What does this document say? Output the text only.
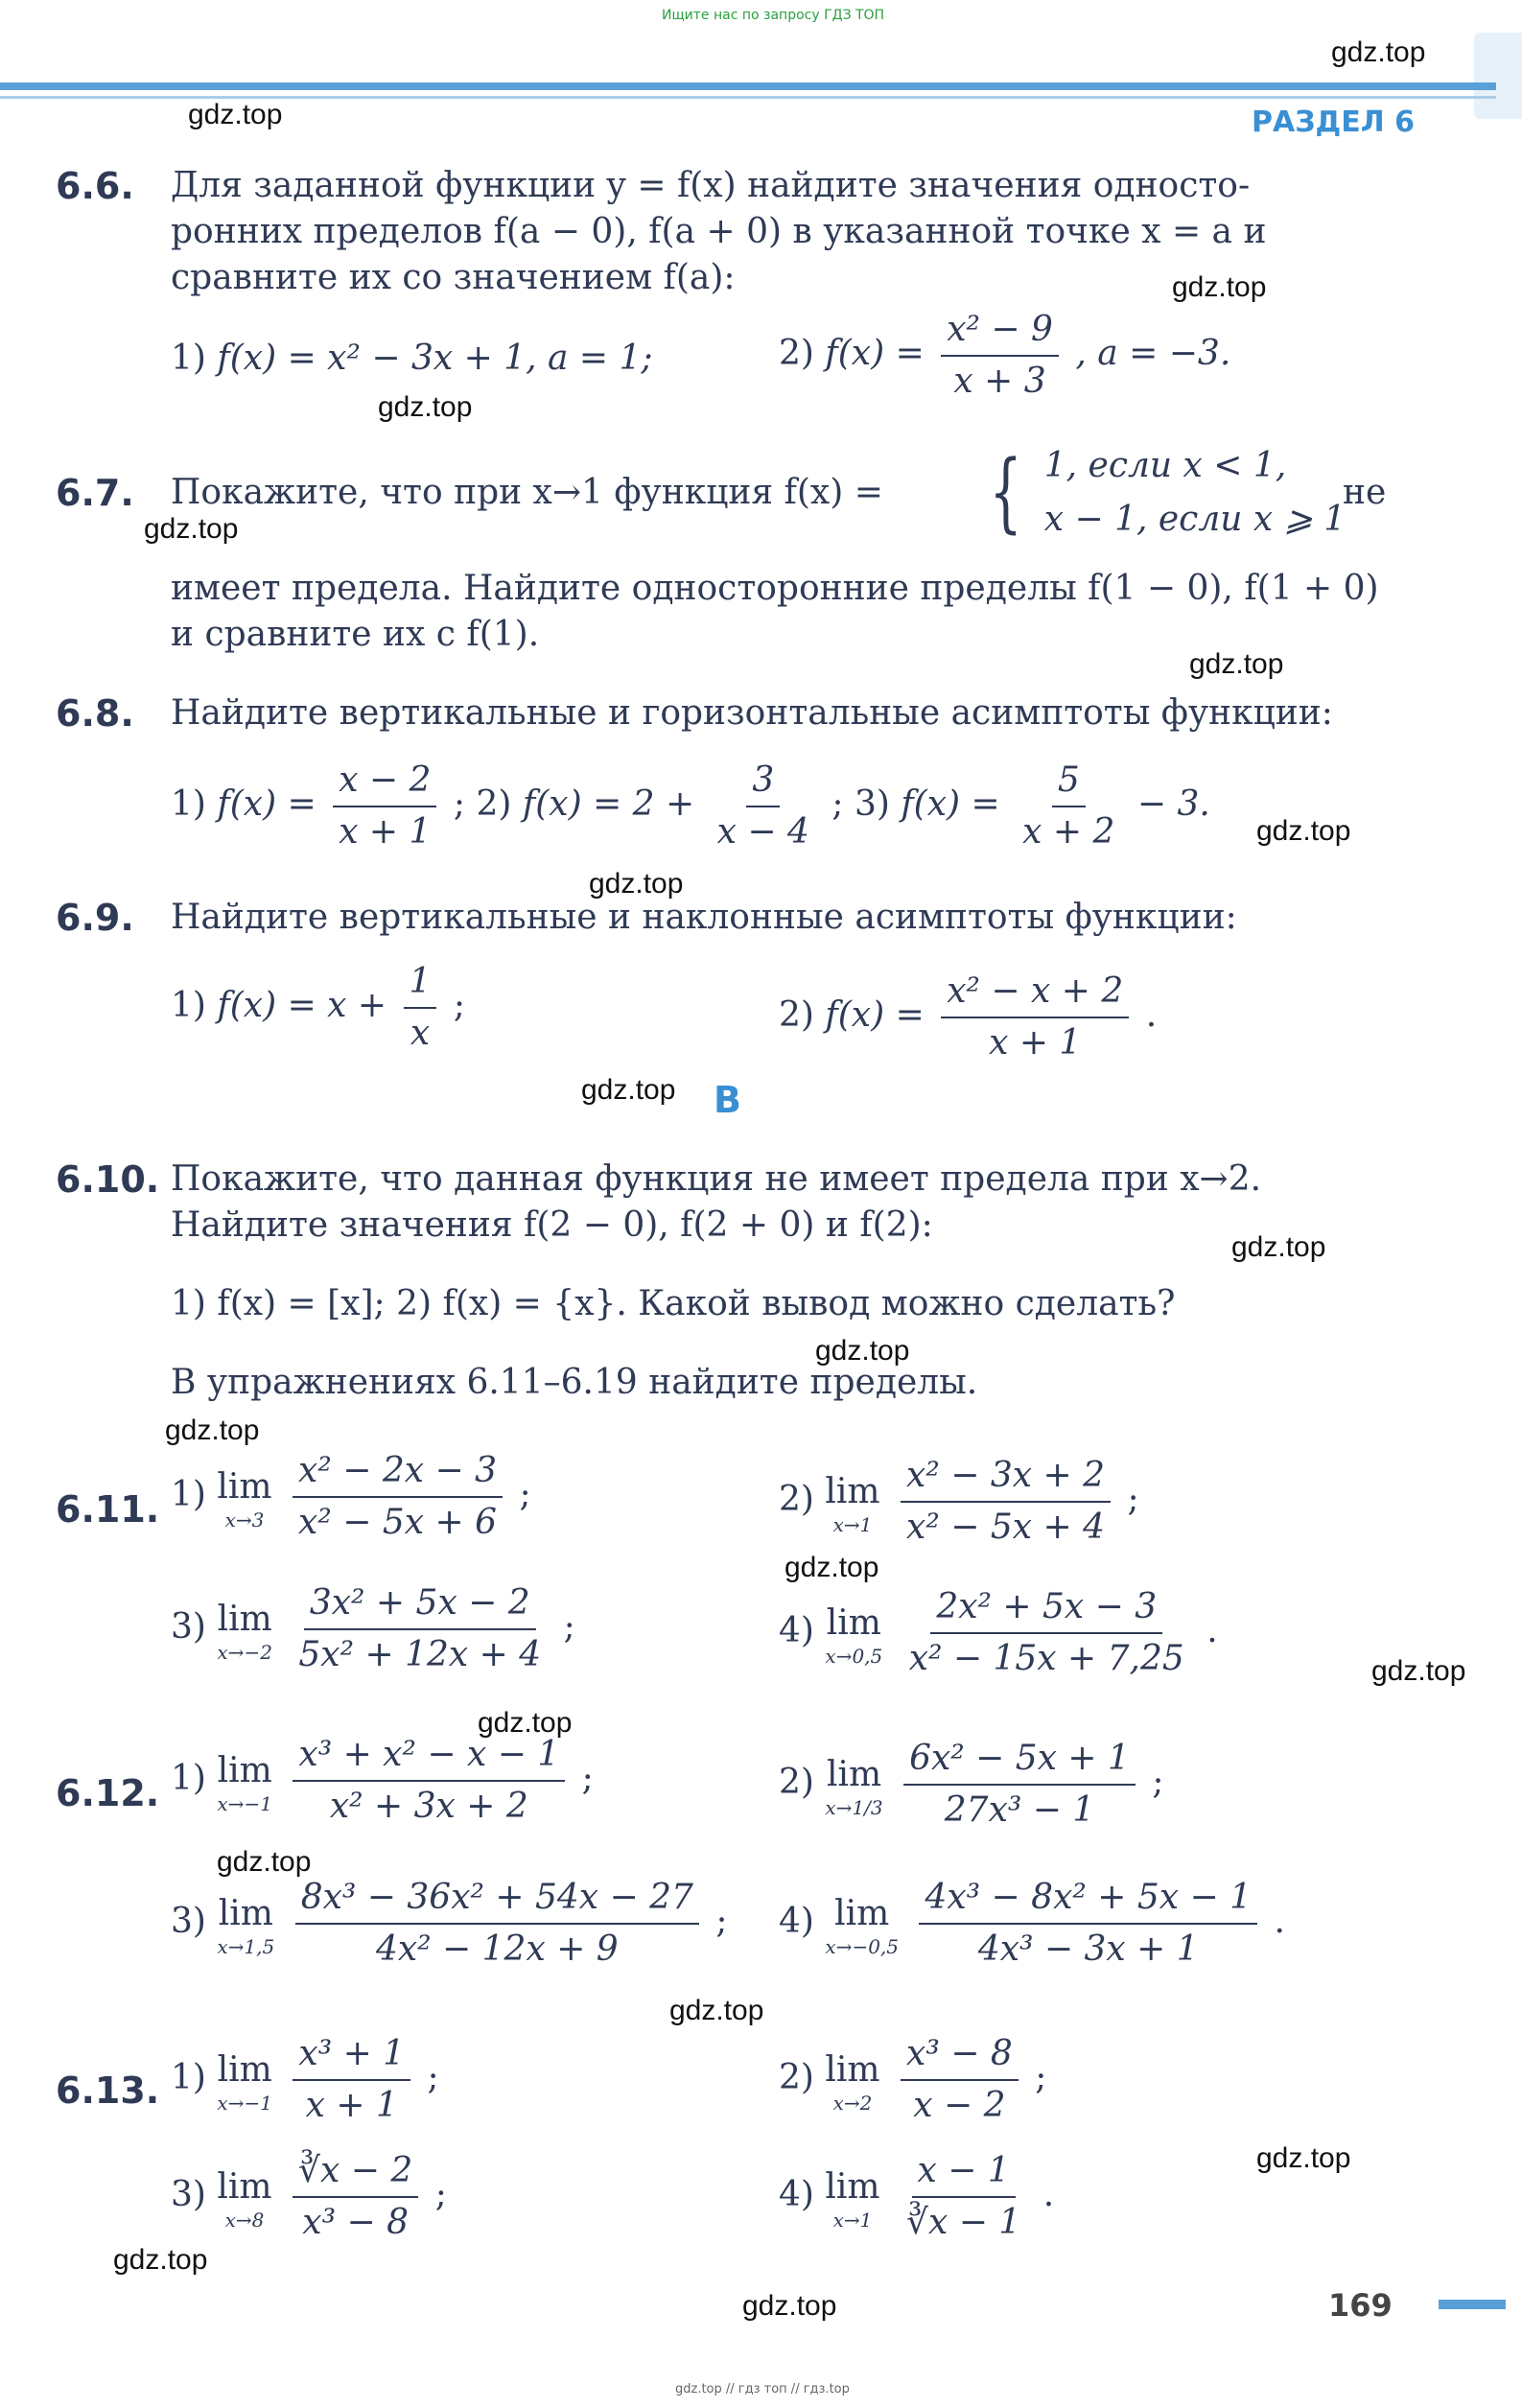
Ищите нас по запросу ГДЗ ТОП
РАЗДЕЛ 6
gdz.top
gdz.top
gdz.top
gdz.top
gdz.top
gdz.top
gdz.top
gdz.top
gdz.top
gdz.top
gdz.top
gdz.top
gdz.top
gdz.top
gdz.top
gdz.top
gdz.top
gdz.top
gdz.top
gdz.top
6.6. Для заданной функции y = f(x) найдите значения односто-
ронних пределов f(a − 0), f(a + 0) в указанной точке x = a и
сравните их со значением f(a):
1) f(x) = x² − 3x + 1, a = 1;	2) $f(x) = \frac{\text{x² − 9}}{x + 3}$ , a = −3.
6.7. Покажите, что при x→1 функция f(x) = { 1, если x < 1,
x − 1, если x ⩾ 1
не
имеет предела. Найдите односторонние пределы f(1 − 0), f(1 + 0)
и сравните их с f(1).
6.8. Найдите вертикальные и горизонтальные асимптоты функции:
1) $f(x) = \frac{x - 2}{x + 1}$ ; 2) $f(x) = 2 + \frac{3}{x - 4}$ ; 3) $f(x) = \frac{5}{x + 2} - 3$.
6.9. Найдите вертикальные и наклонные асимптоты функции:
1) $f(x) = x + \frac{1}{x}$ ;	2) $f(x) = \frac{\text{x² − x + 2}}{x + 1}$ .
B
6.10. Покажите, что данная функция не имеет предела при x→2.
Найдите значения f(2 − 0), f(2 + 0) и f(2):
1) f(x) = [x]; 2) f(x) = {x}. Какой вывод можно сделать?
В упражнениях 6.11–6.19 найдите пределы.
6.11. 1) lim
x→3
$\frac{\text{x² − 2x − 3}}{\text{x² − 5x + 6}}$ ;	2) lim
x→1
$\frac{\text{x² − 3x + 2}}{\text{x² − 5x + 4}}$ ;
3) lim
x→−2
$\frac{\text{3x² + 5x − 2}}{\text{5x² + 12x + 4}}$ ;	4) lim
x→0,5
$\frac{\text{2x² + 5x − 3}}{\text{x² − 15x + 7,25}}$ .
6.12. 1) lim
x→−1
$\frac{\text{x³ + x² − x − 1}}{\text{x² + 3x + 2}}$ ;	2) lim
x→1/3
$\frac{\text{6x² − 5x + 1}}{\text{27x³ − 1}}$ ;
3) lim
x→1,5
$\frac{\text{8x³ − 36x² + 54x − 27}}{\text{4x² − 12x + 9}}$ ; 4) lim
x→−0,5
$\frac{\text{4x³ − 8x² + 5x − 1}}{\text{4x³ − 3x + 1}}$ .
6.13. 1) lim
x→−1
$\frac{\text{x³ + 1}}{x + 1}$ ;	2) lim
x→2
$\frac{\text{x³ − 8}}{x - 2}$ ;
3) lim
x→8
$\frac{∛x - 2}{\text{x³ − 8}}$ ;	4) lim
x→1
$\frac{x - 1}{∛x - 1}$ .
169
gdz.top // гдз топ // гдз.top
